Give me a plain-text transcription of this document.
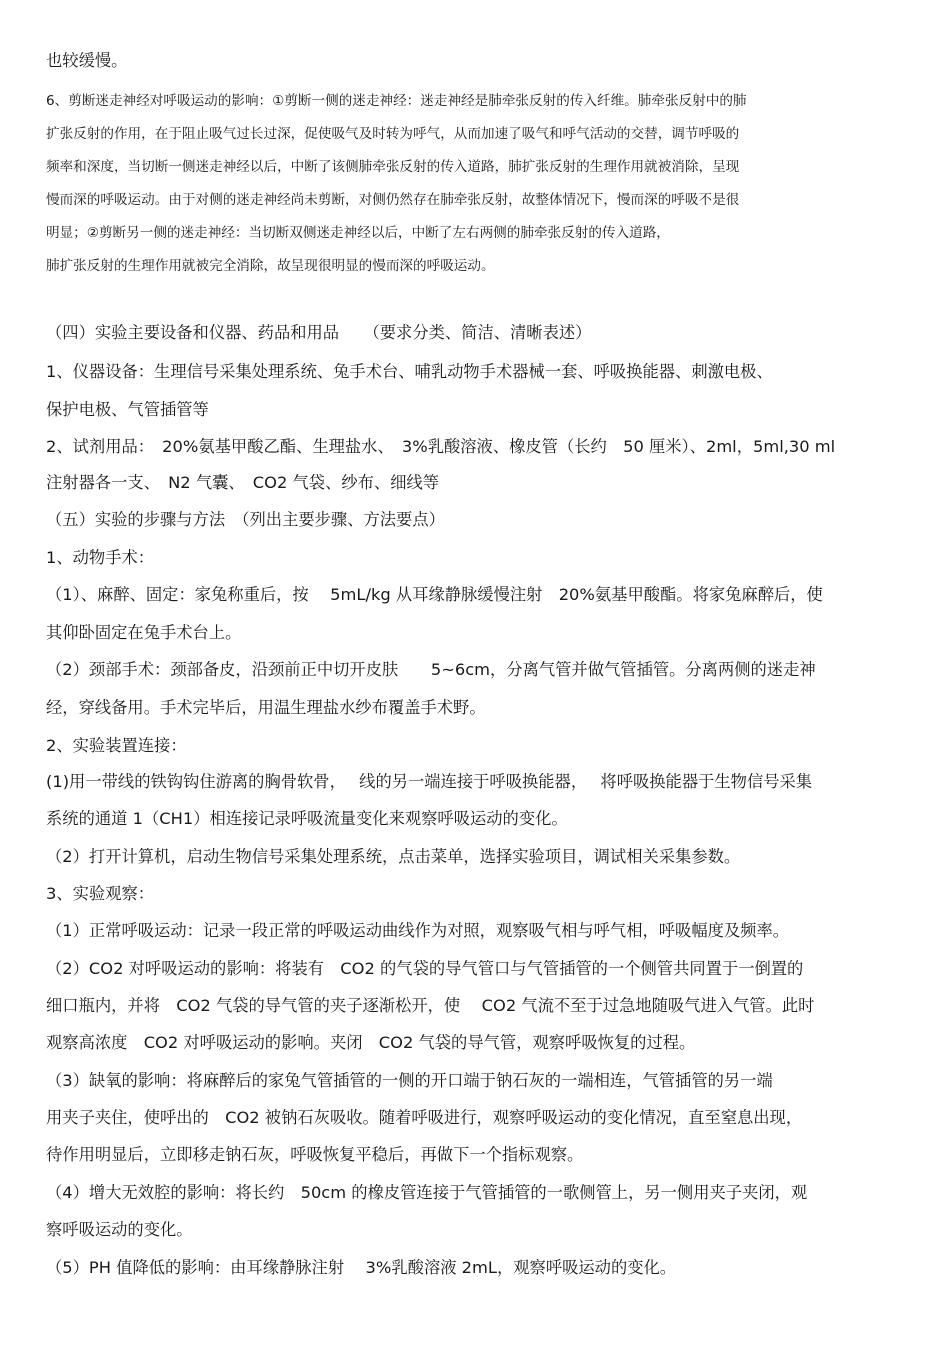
也较缓慢。
6、剪断迷走神经对呼吸运动的影响：①剪断一侧的迷走神经：迷走神经是肺牵张反射的传入纤维。肺牵张反射中的肺
扩张反射的作用，在于阻止吸气过长过深，促使吸气及时转为呼气，从而加速了吸气和呼气活动的交替，调节呼吸的
频率和深度，当切断一侧迷走神经以后，中断了该侧肺牵张反射的传入道路，肺扩张反射的生理作用就被消除，呈现
慢而深的呼吸运动。由于对侧的迷走神经尚未剪断，对侧仍然存在肺牵张反射，故整体情况下，慢而深的呼吸不是很
明显；②剪断另一侧的迷走神经：当切断双侧迷走神经以后，中断了左右两侧的肺牵张反射的传入道路，
肺扩张反射的生理作用就被完全消除，故呈现很明显的慢而深的呼吸运动。
（四）实验主要设备和仪器、药品和用品　　（要求分类、简洁、清晰表述）
1、仪器设备：生理信号采集处理系统、兔手术台、哺乳动物手术器械一套、呼吸换能器、刺激电极、
保护电极、气管插管等
2、试剂用品：　20%氨基甲酸乙酯、生理盐水、　3%乳酸溶液、橡皮管（长约　50 厘米）、2ml，5ml,30 ml
注射器各一支、　N2 气囊、　CO2 气袋、纱布、细线等
（五）实验的步骤与方法　（列出主要步骤、方法要点）
1、动物手术：
（1）、麻醉、固定：家兔称重后，按　 5mL/kg 从耳缘静脉缓慢注射　20%氨基甲酸酯。将家兔麻醉后，使
其仰卧固定在兔手术台上。
（2）颈部手术：颈部备皮，沿颈前正中切开皮肤　　5~6cm，分离气管并做气管插管。分离两侧的迷走神
经，穿线备用。手术完毕后，用温生理盐水纱布覆盖手术野。
2、实验装置连接：
(1)用一带线的铁钩钩住游离的胸骨软骨，　 线的另一端连接于呼吸换能器，　 将呼吸换能器于生物信号采集
系统的通道 1（CH1）相连接记录呼吸流量变化来观察呼吸运动的变化。
（2）打开计算机，启动生物信号采集处理系统，点击菜单，选择实验项目，调试相关采集参数。
3、实验观察：
（1）正常呼吸运动：记录一段正常的呼吸运动曲线作为对照，观察吸气相与呼气相，呼吸幅度及频率。
（2）CO2 对呼吸运动的影响：将装有　CO2 的气袋的导气管口与气管插管的一个侧管共同置于一倒置的
细口瓶内，并将　CO2 气袋的导气管的夹子逐渐松开，使　 CO2 气流不至于过急地随吸气进入气管。此时
观察高浓度　CO2 对呼吸运动的影响。夹闭　CO2 气袋的导气管，观察呼吸恢复的过程。
（3）缺氧的影响：将麻醉后的家兔气管插管的一侧的开口端于钠石灰的一端相连，气管插管的另一端
用夹子夹住，使呼出的　CO2 被钠石灰吸收。随着呼吸进行，观察呼吸运动的变化情况，直至窒息出现，
待作用明显后，立即移走钠石灰，呼吸恢复平稳后，再做下一个指标观察。
（4）增大无效腔的影响：将长约　50cm 的橡皮管连接于气管插管的一歌侧管上，另一侧用夹子夹闭，观
察呼吸运动的变化。
（5）PH 值降低的影响：由耳缘静脉注射　 3%乳酸溶液 2mL，观察呼吸运动的变化。
